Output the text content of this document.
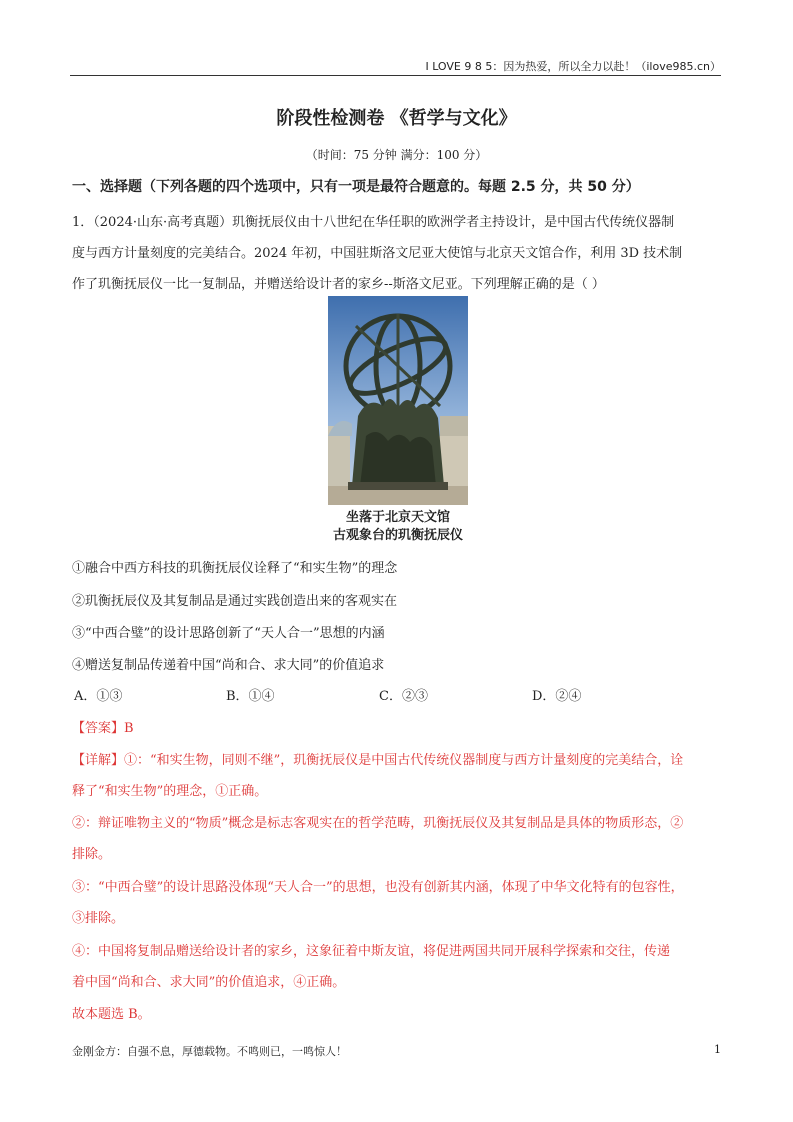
I LOVE 9 8 5：因为热爱，所以全力以赴！（ilove985.cn）
阶段性检测卷 《哲学与文化》
（时间：75 分钟 满分：100 分）
一、选择题（下列各题的四个选项中，只有一项是最符合题意的。每题 2.5 分，共 50 分）
1．（2024·山东·高考真题）玑衡抚辰仪由十八世纪在华任职的欧洲学者主持设计，是中国古代传统仪器制
度与西方计量刻度的完美结合。2024 年初，中国驻斯洛文尼亚大使馆与北京天文馆合作，利用 3D 技术制
作了玑衡抚辰仪一比一复制品，并赠送给设计者的家乡--斯洛文尼亚。下列理解正确的是（ ）
坐落于北京天文馆
古观象台的玑衡抚辰仪
①融合中西方科技的玑衡抚辰仪诠释了“和实生物”的理念
②玑衡抚辰仪及其复制品是通过实践创造出来的客观实在
③“中西合璧”的设计思路创新了“天人合一”思想的内涵
④赠送复制品传递着中国“尚和合、求大同”的价值追求
A．①③	B．①④	C．②③	D．②④
【答案】B
【详解】①：“和实生物，同则不继”，玑衡抚辰仪是中国古代传统仪器制度与西方计量刻度的完美结合，诠
释了“和实生物”的理念，①正确。
②：辩证唯物主义的“物质”概念是标志客观实在的哲学范畴，玑衡抚辰仪及其复制品是具体的物质形态，②
排除。
③：“中西合璧”的设计思路没体现“天人合一”的思想，也没有创新其内涵，体现了中华文化特有的包容性，
③排除。
④：中国将复制品赠送给设计者的家乡，这象征着中斯友谊，将促进两国共同开展科学探索和交往，传递
着中国“尚和合、求大同”的价值追求，④正确。
故本题选 B。
金刚金方：自强不息，厚德载物。不鸣则已，一鸣惊人！	1
